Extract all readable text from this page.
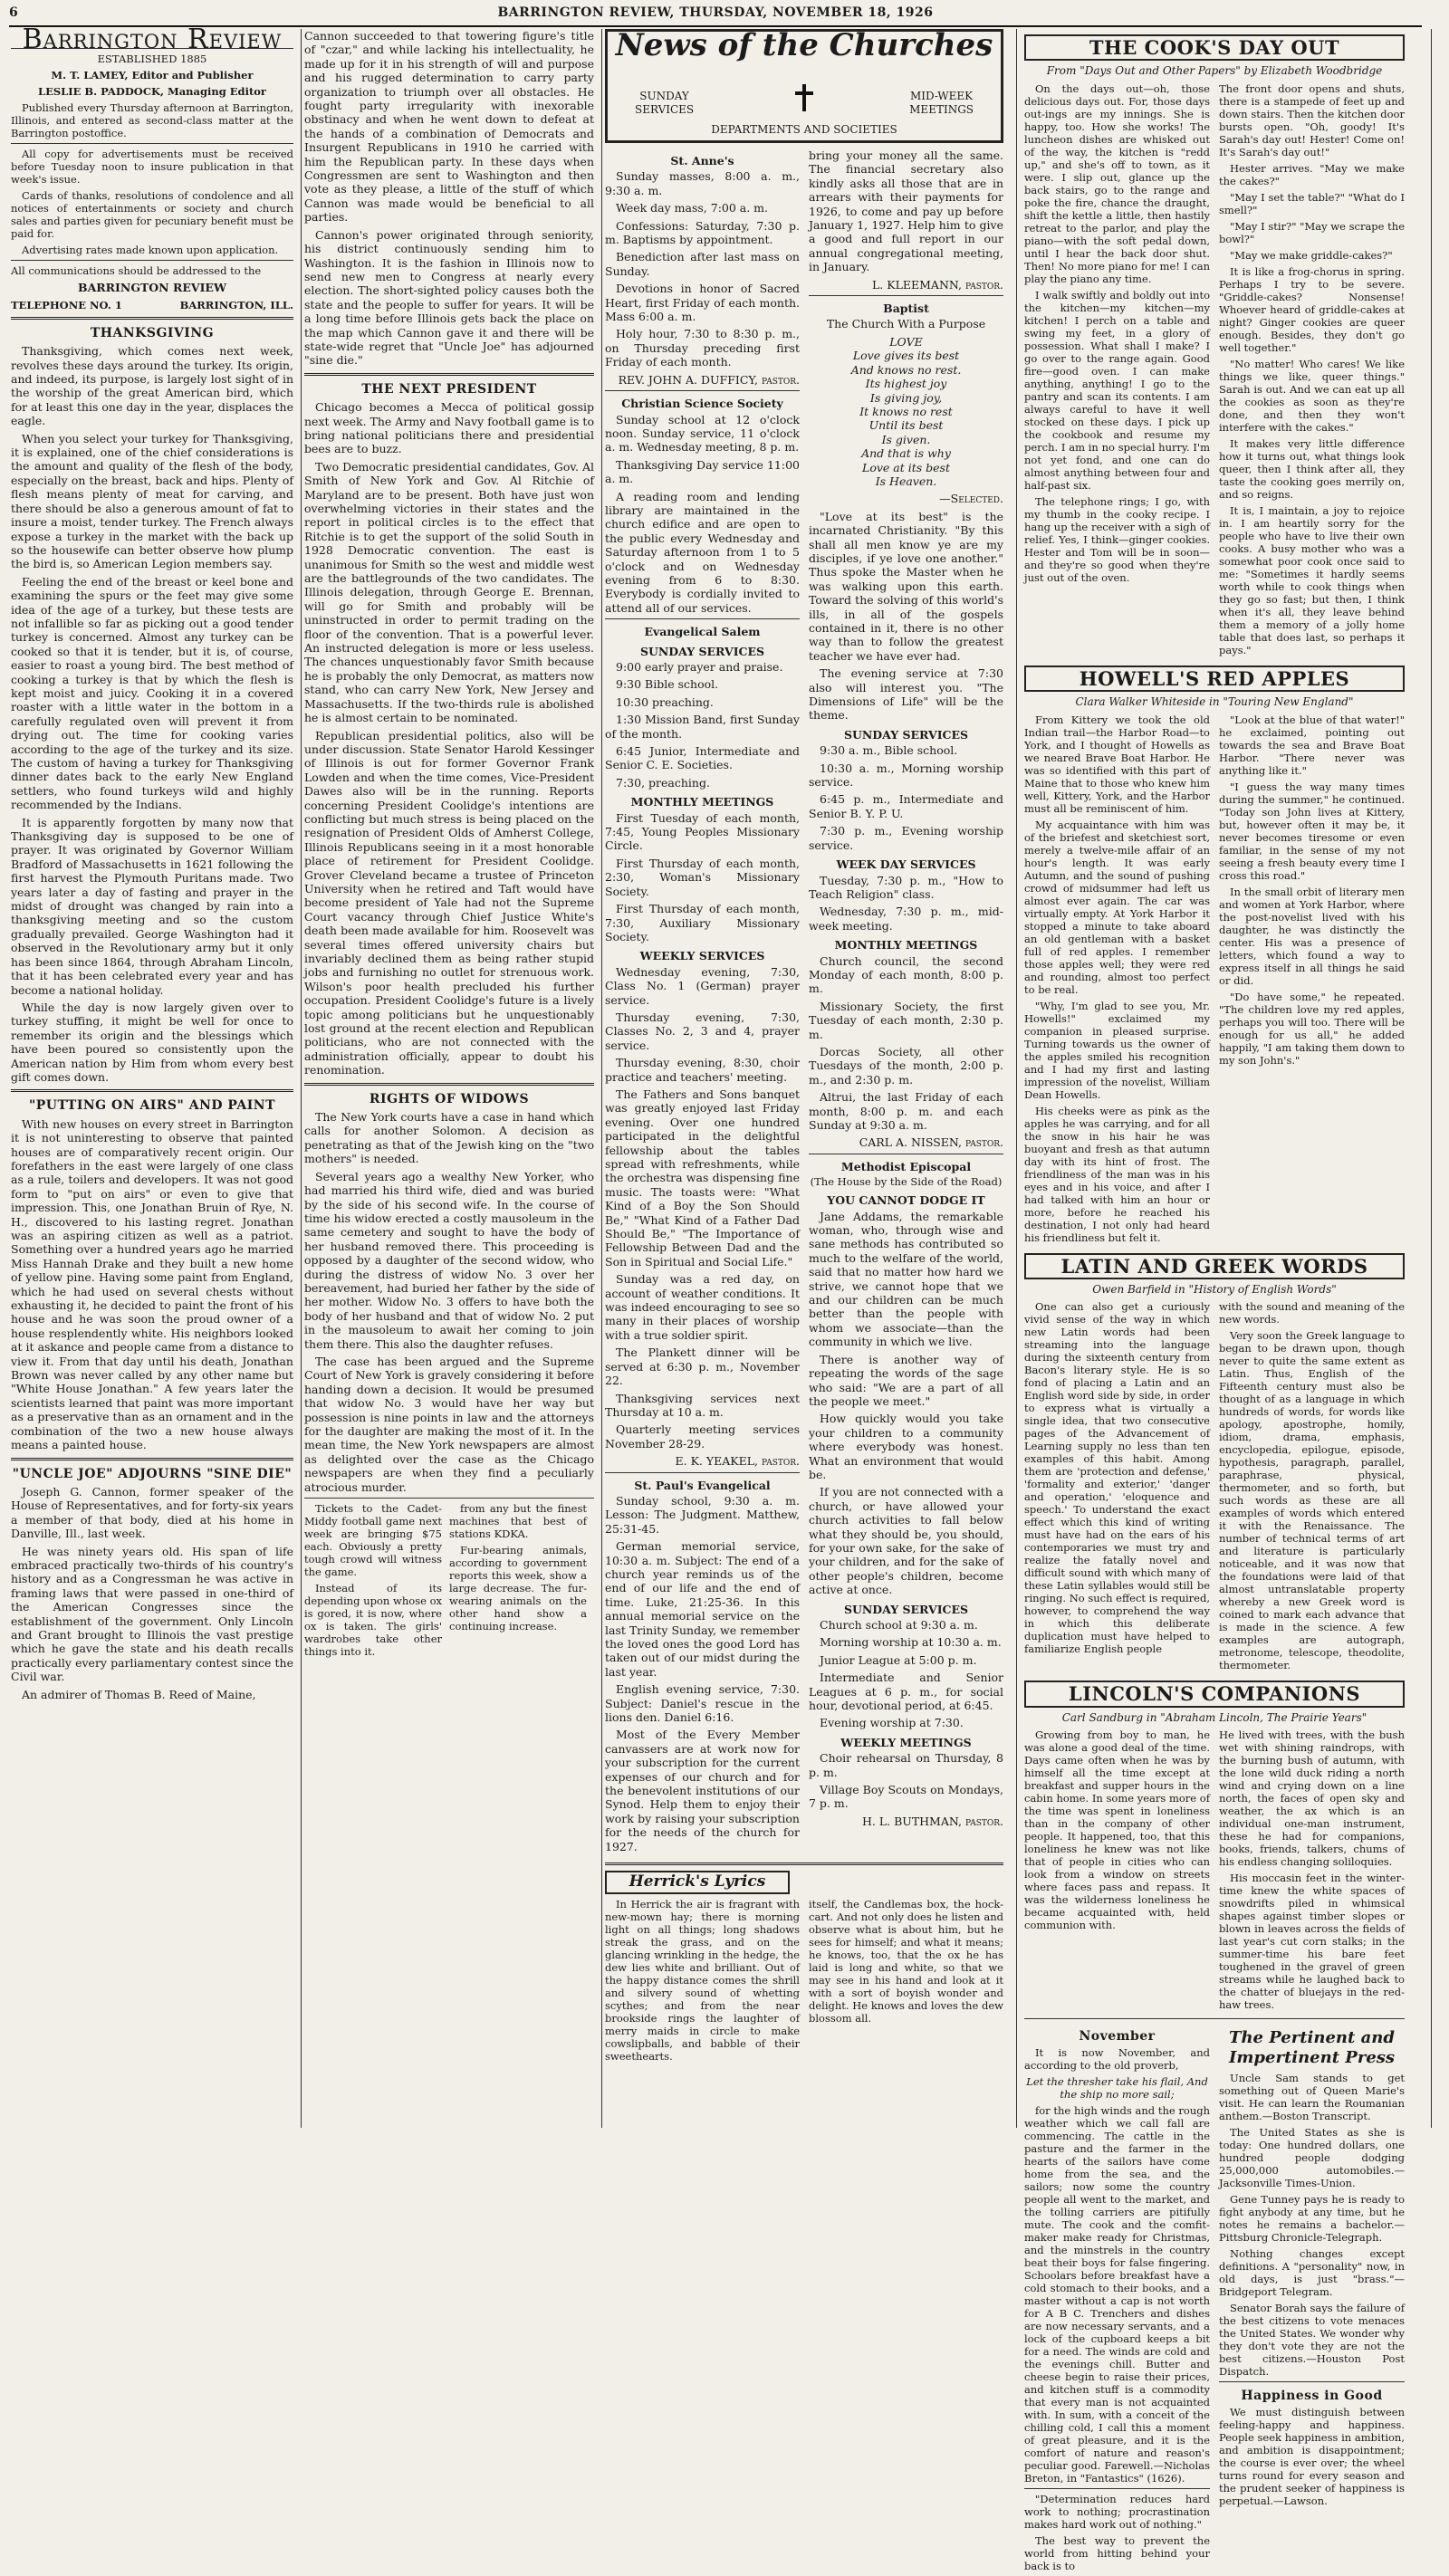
6	BARRINGTON REVIEW, THURSDAY, NOVEMBER 18, 1926
Barrington Review

ESTABLISHED 1885

M. T. LAMEY, Editor and Publisher

LESLIE B. PADDOCK, Managing Editor

Published every Thursday afternoon at Barrington, Illinois, and entered as second-class matter at the Barrington postoffice.

All copy for advertisements must be received before Tuesday noon to insure publication in that week's issue.

Cards of thanks, resolutions of condolence and all notices of entertainments or society and church sales and parties given for pecuniary benefit must be paid for.

Advertising rates made known upon application.

All communications should be addressed to the

BARRINGTON REVIEW

TELEPHONE NO. 1	BARRINGTON, ILL.
THANKSGIVING

Thanksgiving, which comes next week, revolves these days around the turkey. Its origin, and indeed, its purpose, is largely lost sight of in the worship of the great American bird, which for at least this one day in the year, displaces the eagle.

When you select your turkey for Thanksgiving, it is explained, one of the chief considerations is the amount and quality of the flesh of the body, especially on the breast, back and hips. Plenty of flesh means plenty of meat for carving, and there should be also a generous amount of fat to insure a moist, tender turkey. The French always expose a turkey in the market with the back up so the housewife can better observe how plump the bird is, so American Legion members say.

Feeling the end of the breast or keel bone and examining the spurs or the feet may give some idea of the age of a turkey, but these tests are not infallible so far as picking out a good tender turkey is concerned. Almost any turkey can be cooked so that it is tender, but it is, of course, easier to roast a young bird. The best method of cooking a turkey is that by which the flesh is kept moist and juicy. Cooking it in a covered roaster with a little water in the bottom in a carefully regulated oven will prevent it from drying out. The time for cooking varies according to the age of the turkey and its size. The custom of having a turkey for Thanksgiving dinner dates back to the early New England settlers, who found turkeys wild and highly recommended by the Indians.

It is apparently forgotten by many now that Thanksgiving day is supposed to be one of prayer. It was originated by Governor William Bradford of Massachusetts in 1621 following the first harvest the Plymouth Puritans made. Two years later a day of fasting and prayer in the midst of drought was changed by rain into a thanksgiving meeting and so the custom gradually prevailed. George Washington had it observed in the Revolutionary army but it only has been since 1864, through Abraham Lincoln, that it has been celebrated every year and has become a national holiday.

While the day is now largely given over to turkey stuffing, it might be well for once to remember its origin and the blessings which have been poured so consistently upon the American nation by Him from whom every best gift comes down.

"PUTTING ON AIRS" AND PAINT

With new houses on every street in Barrington it is not uninteresting to observe that painted houses are of comparatively recent origin. Our forefathers in the east were largely of one class as a rule, toilers and developers. It was not good form to "put on airs" or even to give that impression. This, one Jonathan Bruin of Rye, N. H., discovered to his lasting regret. Jonathan was an aspiring citizen as well as a patriot. Something over a hundred years ago he married Miss Hannah Drake and they built a new home of yellow pine. Having some paint from England, which he had used on several chests without exhausting it, he decided to paint the front of his house and he was soon the proud owner of a house resplendently white. His neighbors looked at it askance and people came from a distance to view it. From that day until his death, Jonathan Brown was never called by any other name but "White House Jonathan." A few years later the scientists learned that paint was more important as a preservative than as an ornament and in the combination of the two a new house always means a painted house.

"UNCLE JOE" ADJOURNS "SINE DIE"

Joseph G. Cannon, former speaker of the House of Representatives, and for forty-six years a member of that body, died at his home in Danville, Ill., last week.

He was ninety years old. His span of life embraced practically two-thirds of his country's history and as a Congressman he was active in framing laws that were passed in one-third of the American Congresses since the establishment of the government. Only Lincoln and Grant brought to Illinois the vast prestige which he gave the state and his death recalls practically every parliamentary contest since the Civil war.

An admirer of Thomas B. Reed of Maine,

Cannon succeeded to that towering figure's title of "czar," and while lacking his intellectuality, he made up for it in his strength of will and purpose and his rugged determination to carry party organization to triumph over all obstacles. He fought party irregularity with inexorable obstinacy and when he went down to defeat at the hands of a combination of Democrats and Insurgent Republicans in 1910 he carried with him the Republican party. In these days when Congressmen are sent to Washington and then vote as they please, a little of the stuff of which Cannon was made would be beneficial to all parties.

Cannon's power originated through seniority, his district continuously sending him to Washington. It is the fashion in Illinois now to send new men to Congress at nearly every election. The short-sighted policy causes both the state and the people to suffer for years. It will be a long time before Illinois gets back the place on the map which Cannon gave it and there will be state-wide regret that "Uncle Joe" has adjourned "sine die."

THE NEXT PRESIDENT

Chicago becomes a Mecca of political gossip next week. The Army and Navy football game is to bring national politicians there and presidential bees are to buzz.

Two Democratic presidential candidates, Gov. Al Smith of New York and Gov. Al Ritchie of Maryland are to be present. Both have just won overwhelming victories in their states and the report in political circles is to the effect that Ritchie is to get the support of the solid South in 1928 Democratic convention. The east is unanimous for Smith so the west and middle west are the battlegrounds of the two candidates. The Illinois delegation, through George E. Brennan, will go for Smith and probably will be uninstructed in order to permit trading on the floor of the convention. That is a powerful lever. An instructed delegation is more or less useless. The chances unquestionably favor Smith because he is probably the only Democrat, as matters now stand, who can carry New York, New Jersey and Massachusetts. If the two-thirds rule is abolished he is almost certain to be nominated.

Republican presidential politics, also will be under discussion. State Senator Harold Kessinger of Illinois is out for former Governor Frank Lowden and when the time comes, Vice-President Dawes also will be in the running. Reports concerning President Coolidge's intentions are conflicting but much stress is being placed on the resignation of President Olds of Amherst College, Illinois Republicans seeing in it a most honorable place of retirement for President Coolidge. Grover Cleveland became a trustee of Princeton University when he retired and Taft would have become president of Yale had not the Supreme Court vacancy through Chief Justice White's death been made available for him. Roosevelt was several times offered university chairs but invariably declined them as being rather stupid jobs and furnishing no outlet for strenuous work. Wilson's poor health precluded his further occupation. President Coolidge's future is a lively topic among politicians but he unquestionably lost ground at the recent election and Republican politicians, who are not connected with the administration officially, appear to doubt his renomination.

RIGHTS OF WIDOWS

The New York courts have a case in hand which calls for another Solomon. A decision as penetrating as that of the Jewish king on the "two mothers" is needed.

Several years ago a wealthy New Yorker, who had married his third wife, died and was buried by the side of his second wife. In the course of time his widow erected a costly mausoleum in the same cemetery and sought to have the body of her husband removed there. This proceeding is opposed by a daughter of the second widow, who during the distress of widow No. 3 over her bereavement, had buried her father by the side of her mother. Widow No. 3 offers to have both the body of her husband and that of widow No. 2 put in the mausoleum to await her coming to join them there. This also the daughter refuses.

The case has been argued and the Supreme Court of New York is gravely considering it before handing down a decision. It would be presumed that widow No. 3 would have her way but possession is nine points in law and the attorneys for the daughter are making the most of it. In the mean time, the New York newspapers are almost as delighted over the case as the Chicago newspapers are when they find a peculiarly atrocious murder.

Tickets to the Cadet-Middy football game next week are bringing $75 each. Obviously a pretty tough crowd will witness the game.

Instead of its depending upon whose ox is gored, it is now, where ox is taken. The girls' wardrobes take other things into it.

from any but the finest machines that best of stations KDKA.

Fur-bearing animals, according to government reports this week, show a large decrease. The fur-wearing animals on the other hand show a continuing increase.

News of the Churches
SUNDAY
SERVICES
MID-WEEK
MEETINGS
DEPARTMENTS AND SOCIETIES

St. Anne's

Sunday masses, 8:00 a. m., 9:30 a. m.

Week day mass, 7:00 a. m.

Confessions: Saturday, 7:30 p. m. Baptisms by appointment.

Benediction after last mass on Sunday.

Devotions in honor of Sacred Heart, first Friday of each month. Mass 6:00 a. m.

Holy hour, 7:30 to 8:30 p. m., on Thursday preceding first Friday of each month.

REV. JOHN A. DUFFICY, pastor.

Christian Science Society

Sunday school at 12 o'clock noon. Sunday service, 11 o'clock a. m. Wednesday meeting, 8 p. m.

Thanksgiving Day service 11:00 a. m.

A reading room and lending library are maintained in the church edifice and are open to the public every Wednesday and Saturday afternoon from 1 to 5 o'clock and on Wednesday evening from 6 to 8:30. Everybody is cordially invited to attend all of our services.

Evangelical Salem

SUNDAY SERVICES

9:00 early prayer and praise.

9:30 Bible school.

10:30 preaching.

1:30 Mission Band, first Sunday of the month.

6:45 Junior, Intermediate and Senior C. E. Societies.

7:30, preaching.

MONTHLY MEETINGS

First Tuesday of each month, 7:45, Young Peoples Missionary Circle.

First Thursday of each month, 2:30, Woman's Missionary Society.

First Thursday of each month, 7:30, Auxiliary Missionary Society.

WEEKLY SERVICES

Wednesday evening, 7:30, Class No. 1 (German) prayer service.

Thursday evening, 7:30, Classes No. 2, 3 and 4, prayer service.

Thursday evening, 8:30, choir practice and teachers' meeting.

The Fathers and Sons banquet was greatly enjoyed last Friday evening. Over one hundred participated in the delightful fellowship about the tables spread with refreshments, while the orchestra was dispensing fine music. The toasts were: "What Kind of a Boy the Son Should Be," "What Kind of a Father Dad Should Be," "The Importance of Fellowship Between Dad and the Son in Spiritual and Social Life."

Sunday was a red day, on account of weather conditions. It was indeed encouraging to see so many in their places of worship with a true soldier spirit.

The Plankett dinner will be served at 6:30 p. m., November 22.

Thanksgiving services next Thursday at 10 a. m.

Quarterly meeting services November 28-29.

E. K. YEAKEL, pastor.

St. Paul's Evangelical

Sunday school, 9:30 a. m. Lesson: The Judgment. Matthew, 25:31-45.

German memorial service, 10:30 a. m. Subject: The end of a church year reminds us of the end of our life and the end of time. Luke, 21:25-36. In this annual memorial service on the last Trinity Sunday, we remember the loved ones the good Lord has taken out of our midst during the last year.

English evening service, 7:30. Subject: Daniel's rescue in the lions den. Daniel 6:16.

Most of the Every Member canvassers are at work now for your subscription for the current expenses of our church and for the benevolent institutions of our Synod. Help them to enjoy their work by raising your subscription for the needs of the church for 1927.

bring your money all the same. The financial secretary also kindly asks all those that are in arrears with their payments for 1926, to come and pay up before January 1, 1927. Help him to give a good and full report in our annual congregational meeting, in January.

L. KLEEMANN, pastor.

Baptist

The Church With a Purpose

LOVE
Love gives its best
And knows no rest.
Its highest joy
Is giving joy,
It knows no rest
Until its best
Is given.
And that is why
Love at its best
Is Heaven.

—Selected.

"Love at its best" is the incarnated Christianity. "By this shall all men know ye are my disciples, if ye love one another." Thus spoke the Master when he was walking upon this earth. Toward the solving of this world's ills, in all of the gospels contained in it, there is no other way than to follow the greatest teacher we have ever had.

The evening service at 7:30 also will interest you. "The Dimensions of Life" will be the theme.

SUNDAY SERVICES

9:30 a. m., Bible school.

10:30 a. m., Morning worship service.

6:45 p. m., Intermediate and Senior B. Y. P. U.

7:30 p. m., Evening worship service.

WEEK DAY SERVICES

Tuesday, 7:30 p. m., "How to Teach Religion" class.

Wednesday, 7:30 p. m., mid-week meeting.

MONTHLY MEETINGS

Church council, the second Monday of each month, 8:00 p. m.

Missionary Society, the first Tuesday of each month, 2:30 p. m.

Dorcas Society, all other Tuesdays of the month, 2:00 p. m., and 2:30 p. m.

Altrui, the last Friday of each month, 8:00 p. m. and each Sunday at 9:30 a. m.

CARL A. NISSEN, pastor.

Methodist Episcopal

(The House by the Side of the Road)

YOU CANNOT DODGE IT

Jane Addams, the remarkable woman, who, through wise and sane methods has contributed so much to the welfare of the world, said that no matter how hard we strive, we cannot hope that we and our children can be much better than the people with whom we associate—than the community in which we live.

There is another way of repeating the words of the sage who said: "We are a part of all the people we meet."

How quickly would you take your children to a community where everybody was honest. What an environment that would be.

If you are not connected with a church, or have allowed your church activities to fall below what they should be, you should, for your own sake, for the sake of your children, and for the sake of other people's children, become active at once.

SUNDAY SERVICES

Church school at 9:30 a. m.

Morning worship at 10:30 a. m.

Junior League at 5:00 p. m.

Intermediate and Senior Leagues at 6 p. m., for social hour, devotional period, at 6:45.

Evening worship at 7:30.

WEEKLY MEETINGS

Choir rehearsal on Thursday, 8 p. m.

Village Boy Scouts on Mondays, 7 p. m.

H. L. BUTHMAN, pastor.

Herrick's Lyrics

In Herrick the air is fragrant with new-mown hay; there is morning light on all things; long shadows streak the grass, and on the glancing wrinkling in the hedge, the dew lies white and brilliant. Out of the happy distance comes the shrill and silvery sound of whetting scythes; and from the near brookside rings the laughter of merry maids in circle to make cowslipballs, and babble of their sweethearts.

itself, the Candlemas box, the hock-cart. And not only does he listen and observe what is about him, but he sees for himself; and what it means; he knows, too, that the ox he has laid is long and white, so that we may see in his hand and look at it with a sort of boyish wonder and delight. He knows and loves the dew blossom all.

THE COOK'S DAY OUT

From "Days Out and Other Papers" by Elizabeth Woodbridge

On the days out—oh, those delicious days out. For, those days out-ings are my innings. She is happy, too. How she works! The luncheon dishes are whisked out of the way, the kitchen is "redd up," and she's off to town, as it were. I slip out, glance up the back stairs, go to the range and poke the fire, chance the draught, shift the kettle a little, then hastily retreat to the parlor, and play the piano—with the soft pedal down, until I hear the back door shut. Then! No more piano for me! I can play the piano any time.

I walk swiftly and boldly out into the kitchen—my kitchen—my kitchen! I perch on a table and swing my feet, in a glory of possession. What shall I make? I go over to the range again. Good fire—good oven. I can make anything, anything! I go to the pantry and scan its contents. I am always careful to have it well stocked on these days. I pick up the cookbook and resume my perch. I am in no special hurry. I'm not yet fond, and one can do almost anything between four and half-past six.

The telephone rings; I go, with my thumb in the cooky recipe. I hang up the receiver with a sigh of relief. Yes, I think—ginger cookies. Hester and Tom will be in soon—and they're so good when they're just out of the oven.

The front door opens and shuts, there is a stampede of feet up and down stairs. Then the kitchen door bursts open. "Oh, goody! It's Sarah's day out! Hester! Come on! It's Sarah's day out!"

Hester arrives. "May we make the cakes?"

"May I set the table?" "What do I smell?"

"May I stir?" "May we scrape the bowl?"

"May we make griddle-cakes?"

It is like a frog-chorus in spring. Perhaps I try to be severe. "Griddle-cakes? Nonsense! Whoever heard of griddle-cakes at night? Ginger cookies are queer enough. Besides, they don't go well together."

"No matter! Who cares! We like things we like, queer things." Sarah is out. And we can eat up all the cookies as soon as they're done, and then they won't interfere with the cakes."

It makes very little difference how it turns out, what things look queer, then I think after all, they taste the cooking goes merrily on, and so reigns.

It is, I maintain, a joy to rejoice in. I am heartily sorry for the people who have to live their own cooks. A busy mother who was a somewhat poor cook once said to me: "Sometimes it hardly seems worth while to cook things when they go so fast; but then, I think when it's all, they leave behind them a memory of a jolly home table that does last, so perhaps it pays."

HOWELL'S RED APPLES

Clara Walker Whiteside in "Touring New England"

From Kittery we took the old Indian trail—the Harbor Road—to York, and I thought of Howells as we neared Brave Boat Harbor. He was so identified with this part of Maine that to those who knew him well, Kittery, York, and the Harbor must all be reminiscent of him.

My acquaintance with him was of the briefest and sketchiest sort, merely a twelve-mile affair of an hour's length. It was early Autumn, and the sound of pushing crowd of midsummer had left us almost ever again. The car was virtually empty. At York Harbor it stopped a minute to take aboard an old gentleman with a basket full of red apples. I remember those apples well; they were red and rounding, almost too perfect to be real.

"Why, I'm glad to see you, Mr. Howells!" exclaimed my companion in pleased surprise. Turning towards us the owner of the apples smiled his recognition and I had my first and lasting impression of the novelist, William Dean Howells.

His cheeks were as pink as the apples he was carrying, and for all the snow in his hair he was buoyant and fresh as that autumn day with its hint of frost. The friendliness of the man was in his eyes and in his voice, and after I had talked with him an hour or more, before he reached his destination, I not only had heard his friendliness but felt it.

"Look at the blue of that water!" he exclaimed, pointing out towards the sea and Brave Boat Harbor. "There never was anything like it."

"I guess the way many times during the summer," he continued. "Today son John lives at Kittery, but, however often it may be, it never becomes tiresome or even familiar, in the sense of my not seeing a fresh beauty every time I cross this road."

In the small orbit of literary men and women at York Harbor, where the post-novelist lived with his daughter, he was distinctly the center. His was a presence of letters, which found a way to express itself in all things he said or did.

"Do have some," he repeated. "The children love my red apples, perhaps you will too. There will be enough for us all," he added happily, "I am taking them down to my son John's."

LATIN AND GREEK WORDS

Owen Barfield in "History of English Words"

One can also get a curiously vivid sense of the way in which new Latin words had been streaming into the language during the sixteenth century from Bacon's literary style. He is so fond of placing a Latin and an English word side by side, in order to express what is virtually a single idea, that two consecutive pages of the Advancement of Learning supply no less than ten examples of this habit. Among them are 'protection and defense,' 'formality and exterior,' 'danger and operation,' 'eloquence and speech.' To understand the exact effect which this kind of writing must have had on the ears of his contemporaries we must try and realize the fatally novel and difficult sound with which many of these Latin syllables would still be ringing. No such effect is required, however, to comprehend the way in which this deliberate duplication must have helped to familiarize English people

with the sound and meaning of the new words.

Very soon the Greek language to began to be drawn upon, though never to quite the same extent as Latin. Thus, English of the Fifteenth century must also be thought of as a language in which hundreds of words, for words like apology, apostrophe, homily, idiom, drama, emphasis, encyclopedia, epilogue, episode, hypothesis, paragraph, parallel, paraphrase, physical, thermometer, and so forth, but such words as these are all examples of words which entered it with the Renaissance. The number of technical terms of art and literature is particularly noticeable, and it was now that the foundations were laid of that almost untranslatable property whereby a new Greek word is coined to mark each advance that is made in the science. A few examples are autograph, metronome, telescope, theodolite, thermometer.

LINCOLN'S COMPANIONS

Carl Sandburg in "Abraham Lincoln, The Prairie Years"

Growing from boy to man, he was alone a good deal of the time. Days came often when he was by himself all the time except at breakfast and supper hours in the cabin home. In some years more of the time was spent in loneliness than in the company of other people. It happened, too, that this loneliness he knew was not like that of people in cities who can look from a window on streets where faces pass and repass. It was the wilderness loneliness he became acquainted with, held communion with.

He lived with trees, with the bush wet with shining raindrops, with the burning bush of autumn, with the lone wild duck riding a north wind and crying down on a line north, the faces of open sky and weather, the ax which is an individual one-man instrument, these he had for companions, books, friends, talkers, chums of his endless changing soliloquies.

His moccasin feet in the winter-time knew the white spaces of snowdrifts piled in whimsical shapes against timber slopes or blown in leaves across the fields of last year's cut corn stalks; in the summer-time his bare feet toughened in the gravel of green streams while he laughed back to the chatter of bluejays in the red-haw trees.

November

It is now November, and according to the old proverb,

Let the thresher take his flail, And the ship no more sail;

for the high winds and the rough weather which we call fall are commencing. The cattle in the pasture and the farmer in the hearts of the sailors have come home from the sea, and the sailors; now some the country people all went to the market, and the tolling carriers are pitifully mute. The cook and the comfit-maker make ready for Christmas, and the minstrels in the country beat their boys for false fingering. Schoolars before breakfast have a cold stomach to their books, and a master without a cap is not worth for A B C. Trenchers and dishes are now necessary servants, and a lock of the cupboard keeps a bit for a need. The winds are cold and the evenings chill. Butter and cheese begin to raise their prices, and kitchen stuff is a commodity that every man is not acquainted with. In sum, with a conceit of the chilling cold, I call this a moment of great pleasure, and it is the comfort of nature and reason's peculiar good. Farewell.—Nicholas Breton, in "Fantastics" (1626).

"Determination reduces hard work to nothing; procrastination makes hard work out of nothing."

The best way to prevent the world from hitting behind your back is to

The Pertinent and Impertinent Press

Uncle Sam stands to get something out of Queen Marie's visit. He can learn the Roumanian anthem.—Boston Transcript.

The United States as she is today: One hundred dollars, one hundred people dodging 25,000,000 automobiles.—Jacksonville Times-Union.

Gene Tunney pays he is ready to fight anybody at any time, but he notes he remains a bachelor.—Pittsburg Chronicle-Telegraph.

Nothing changes except definitions. A "personality" now, in old days, is just "brass."—Bridgeport Telegram.

Senator Borah says the failure of the best citizens to vote menaces the United States. We wonder why they don't vote they are not the best citizens.—Houston Post Dispatch.

Happiness in Good

We must distinguish between feeling-happy and happiness. People seek happiness in ambition, and ambition is disappointment; the course is ever over; the wheel turns round for every season and the prudent seeker of happiness is perpetual.—Lawson.
